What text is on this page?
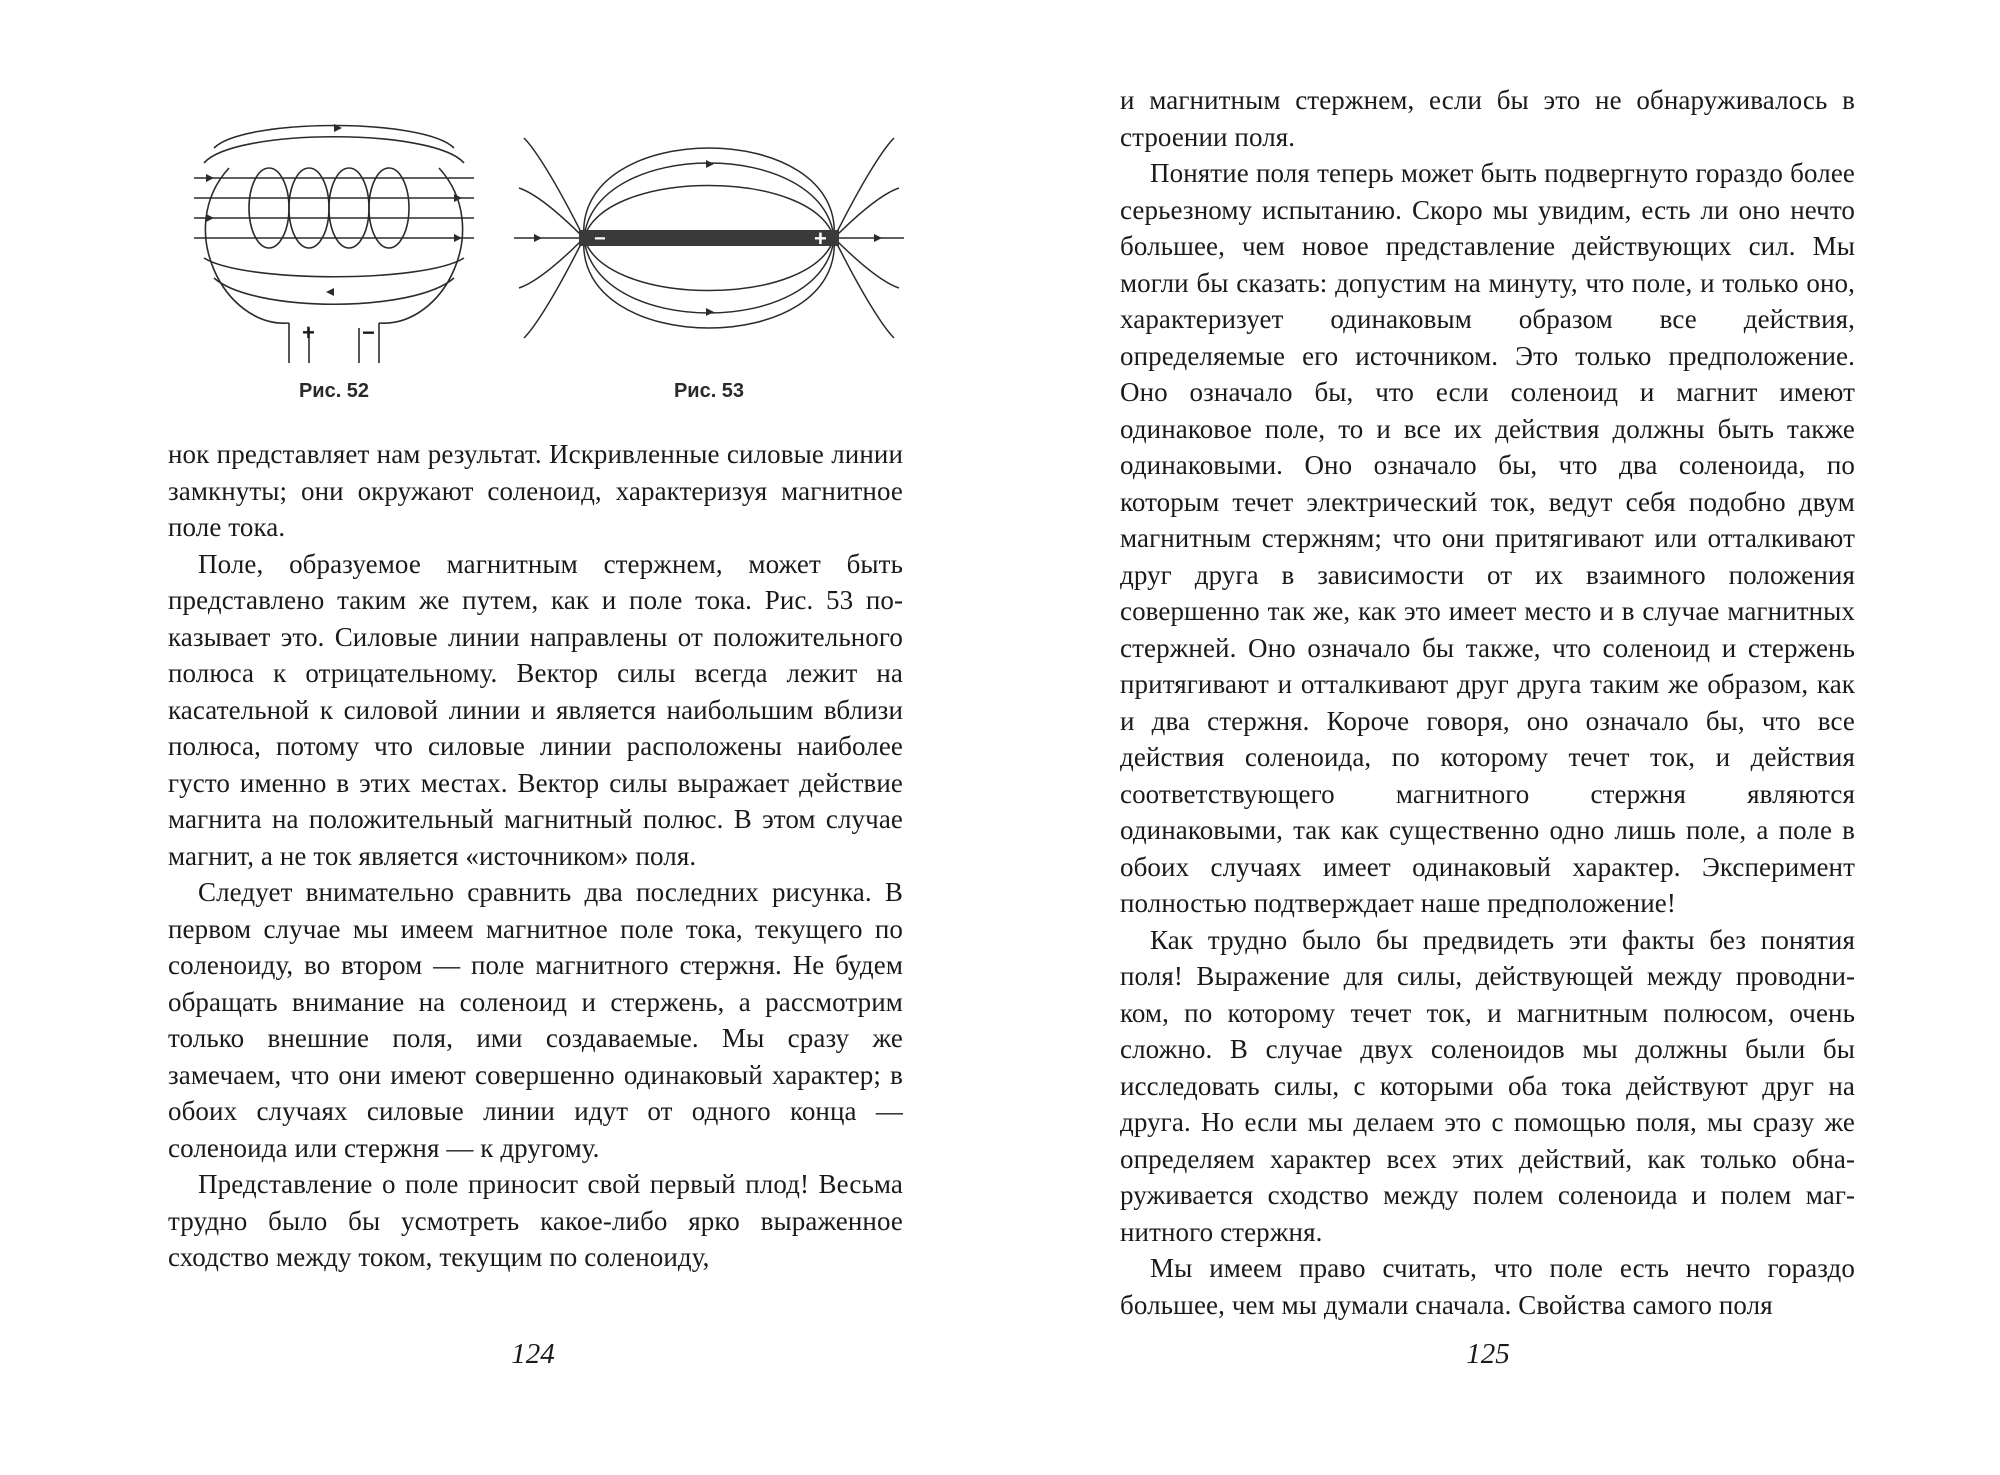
+ −
Рис. 52
−	+
Рис. 53

нок представляет нам результат. Искривленные силовые линии замкнуты; они окружают соленоид, характеризуя магнитное поле тока.

Поле, образуемое магнитным стержнем, может быть представлено таким же путем, как и поле тока. Рис. 53 показывает это. Силовые линии направлены от положительного полюса к отрицательному. Вектор силы всегда лежит на касательной к силовой линии и является наибольшим вблизи полюса, потому что силовые линии расположены наиболее густо именно в этих местах. Вектор силы выражает действие магнита на положительный магнитный полюс. В этом случае магнит, а не ток является «источником» поля.

Следует внимательно сравнить два последних рисунка. В первом случае мы имеем магнитное поле тока, текущего по соленоиду, во втором — поле магнитного стержня. Не будем обращать внимание на соленоид и стержень, а рассмотрим только внешние поля, ими создаваемые. Мы сразу же замечаем, что они имеют совершенно одинаковый характер; в обоих случаях силовые линии идут от одного конца — соленоида или стержня — к другому.

Представление о поле приносит свой первый плод! Весьма трудно было бы усмотреть какое-либо ярко выраженное сходство между током, текущим по соленоиду,

124

и магнитным стержнем, если бы это не обнаруживалось в строении поля.

Понятие поля теперь может быть подвергнуто гораздо более серьезному испытанию. Скоро мы увидим, есть ли оно нечто большее, чем новое представление действующих сил. Мы могли бы сказать: допустим на минуту, что поле, и только оно, характеризует одинаковым образом все действия, определяемые его источником. Это только предположение. Оно означало бы, что если соленоид и магнит имеют одинаковое поле, то и все их действия должны быть также одинаковыми. Оно означало бы, что два соленоида, по которым течет электрический ток, ведут себя подобно двум магнитным стержням; что они притягивают или отталкивают друг друга в зависимости от их взаимного положения совершенно так же, как это имеет место и в случае магнитных стержней. Оно означало бы также, что соленоид и стержень притягивают и отталкивают друг друга таким же образом, как и два стержня. Короче говоря, оно означало бы, что все действия соленоида, по которому течет ток, и действия соответствующего магнитного стержня являются одинаковыми, так как существенно одно лишь поле, а поле в обоих случаях имеет одинаковый характер. Эксперимент полностью подтверждает наше предположение!

Как трудно было бы предвидеть эти факты без понятия поля! Выражение для силы, действующей между проводником, по которому течет ток, и магнитным полюсом, очень сложно. В случае двух соленоидов мы должны были бы исследовать силы, с которыми оба тока действуют друг на друга. Но если мы делаем это с помощью поля, мы сразу же определяем характер всех этих действий, как только обнаруживается сходство между полем соленоида и полем магнитного стержня.

Мы имеем право считать, что поле есть нечто гораздо большее, чем мы думали сначала. Свойства самого поля

125
